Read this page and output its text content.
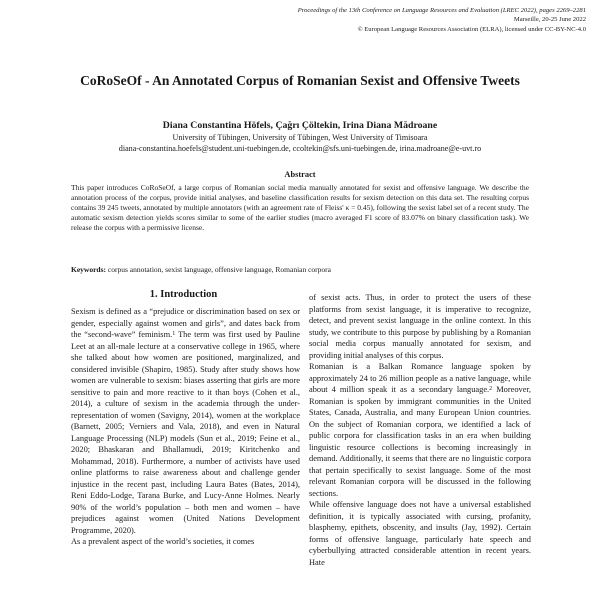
Proceedings of the 13th Conference on Language Resources and Evaluation (LREC 2022), pages 2269–2281
Marseille, 20-25 June 2022
© European Language Resources Association (ELRA), licensed under CC-BY-NC-4.0
CoRoSeOf - An Annotated Corpus of Romanian Sexist and Offensive Tweets
Diana Constantina Höfels, Çağrı Çöltekin, Irina Diana Mădroane
University of Tübingen, University of Tübingen, West University of Timisoara
diana-constantina.hoefels@student.uni-tuebingen.de, ccoltekin@sfs.uni-tuebingen.de, irina.madroane@e-uvt.ro
Abstract
This paper introduces CoRoSeOf, a large corpus of Romanian social media manually annotated for sexist and offensive language. We describe the annotation process of the corpus, provide initial analyses, and baseline classification results for sexism detection on this data set. The resulting corpus contains 39 245 tweets, annotated by multiple annotators (with an agreement rate of Fleiss' κ = 0.45), following the sexist label set of a recent study. The automatic sexism detection yields scores similar to some of the earlier studies (macro averaged F1 score of 83.07% on binary classification task). We release the corpus with a permissive license.
Keywords: corpus annotation, sexist language, offensive language, Romanian corpora
1. Introduction

Sexism is defined as a “prejudice or discrimination based on sex or gender, especially against women and girls”, and dates back from the “second-wave” feminism.$^1$ The term was first used by Pauline Leet at an all-male lecture at a conservative college in 1965, where she talked about how women are positioned, marginalized, and considered invisible (Shapiro, 1985). Study after study shows how women are vulnerable to sexism: biases asserting that girls are more sensitive to pain and more reactive to it than boys (Cohen et al., 2014), a culture of sexism in the academia through the under-representation of women (Savigny, 2014), women at the workplace (Barnett, 2005; Verniers and Vala, 2018), and even in Natural Language Processing (NLP) models (Sun et al., 2019; Feine et al., 2020; Bhaskaran and Bhallamudi, 2019; Kiritchenko and Mohammad, 2018). Furthermore, a number of activists have used online platforms to raise awareness about and challenge gender injustice in the recent past, including Laura Bates (Bates, 2014), Reni Eddo-Lodge, Tarana Burke, and Lucy-Anne Holmes. Nearly 90% of the world’s population – both men and women – have prejudices against women (United Nations Development Programme, 2020).

As a prevalent aspect of the world’s societies, it comes

of sexist acts. Thus, in order to protect the users of these platforms from sexist language, it is imperative to recognize, detect, and prevent sexist language in the online context. In this study, we contribute to this purpose by publishing by a Romanian social media corpus manually annotated for sexism, and providing initial analyses of this corpus.

Romanian is a Balkan Romance language spoken by approximately 24 to 26 million people as a native language, while about 4 million speak it as a secondary language.$^2$ Moreover, Romanian is spoken by immigrant communities in the United States, Canada, Australia, and many European Union countries. On the subject of Romanian corpora, we identified a lack of public corpora for classification tasks in an era when building linguistic resource collections is becoming increasingly in demand. Additionally, it seems that there are no linguistic corpora that pertain specifically to sexist language. Some of the most relevant Romanian corpora will be discussed in the following sections.

While offensive language does not have a universal established definition, it is typically associated with cursing, profanity, blasphemy, epithets, obscenity, and insults (Jay, 1992). Certain forms of offensive language, particularly hate speech and cyberbullying attracted considerable attention in recent years. Hate
